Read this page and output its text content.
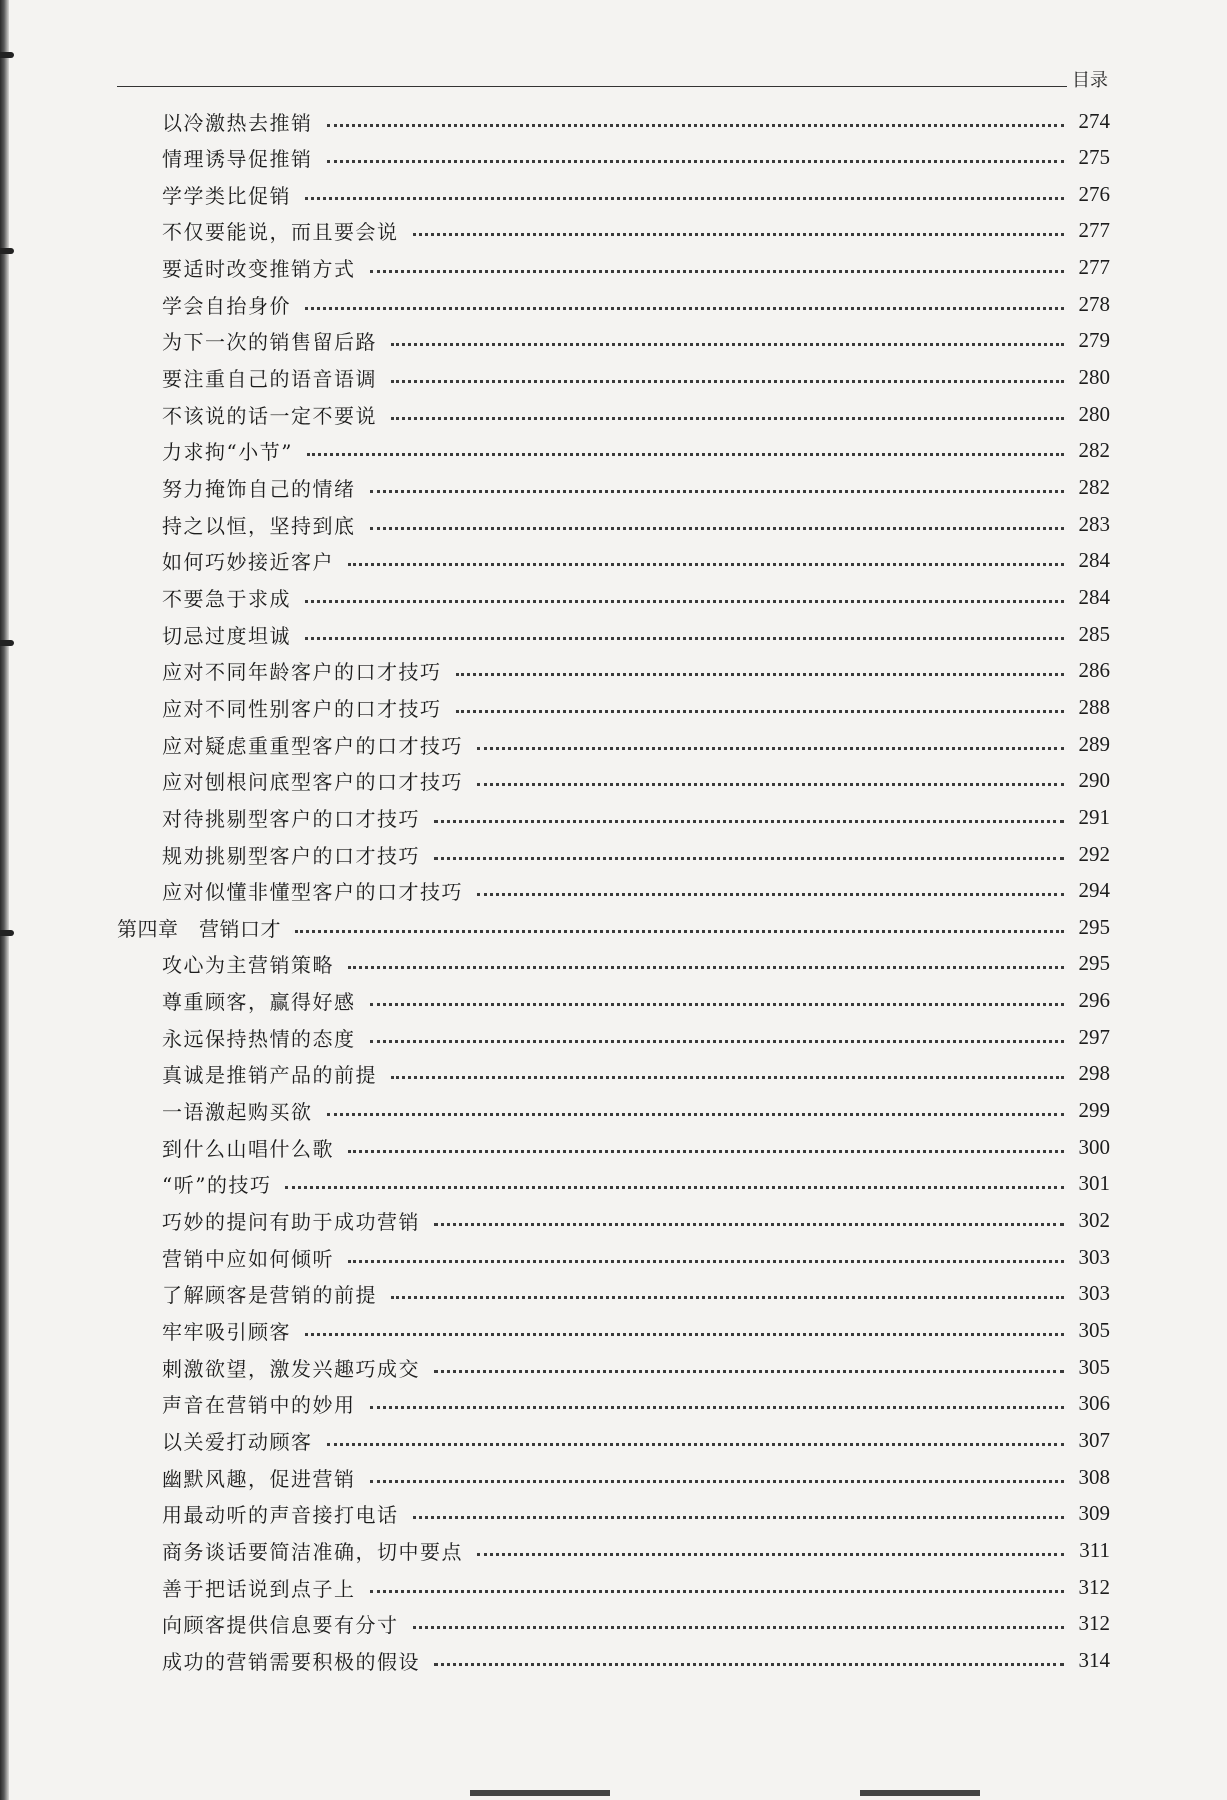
目录
以冷激热去推销	274
情理诱导促推销	275
学学类比促销	276
不仅要能说，而且要会说	277
要适时改变推销方式	277
学会自抬身价	278
为下一次的销售留后路	279
要注重自己的语音语调	280
不该说的话一定不要说	280
力求拘“小节”	282
努力掩饰自己的情绪	282
持之以恒，坚持到底	283
如何巧妙接近客户	284
不要急于求成	284
切忌过度坦诚	285
应对不同年龄客户的口才技巧	286
应对不同性别客户的口才技巧	288
应对疑虑重重型客户的口才技巧	289
应对刨根问底型客户的口才技巧	290
对待挑剔型客户的口才技巧	291
规劝挑剔型客户的口才技巧	292
应对似懂非懂型客户的口才技巧	294
第四章　营销口才	295
攻心为主营销策略	295
尊重顾客，赢得好感	296
永远保持热情的态度	297
真诚是推销产品的前提	298
一语激起购买欲	299
到什么山唱什么歌	300
“听”的技巧	301
巧妙的提问有助于成功营销	302
营销中应如何倾听	303
了解顾客是营销的前提	303
牢牢吸引顾客	305
刺激欲望，激发兴趣巧成交	305
声音在营销中的妙用	306
以关爱打动顾客	307
幽默风趣，促进营销	308
用最动听的声音接打电话	309
商务谈话要简洁准确，切中要点	311
善于把话说到点子上	312
向顾客提供信息要有分寸	312
成功的营销需要积极的假设	314
